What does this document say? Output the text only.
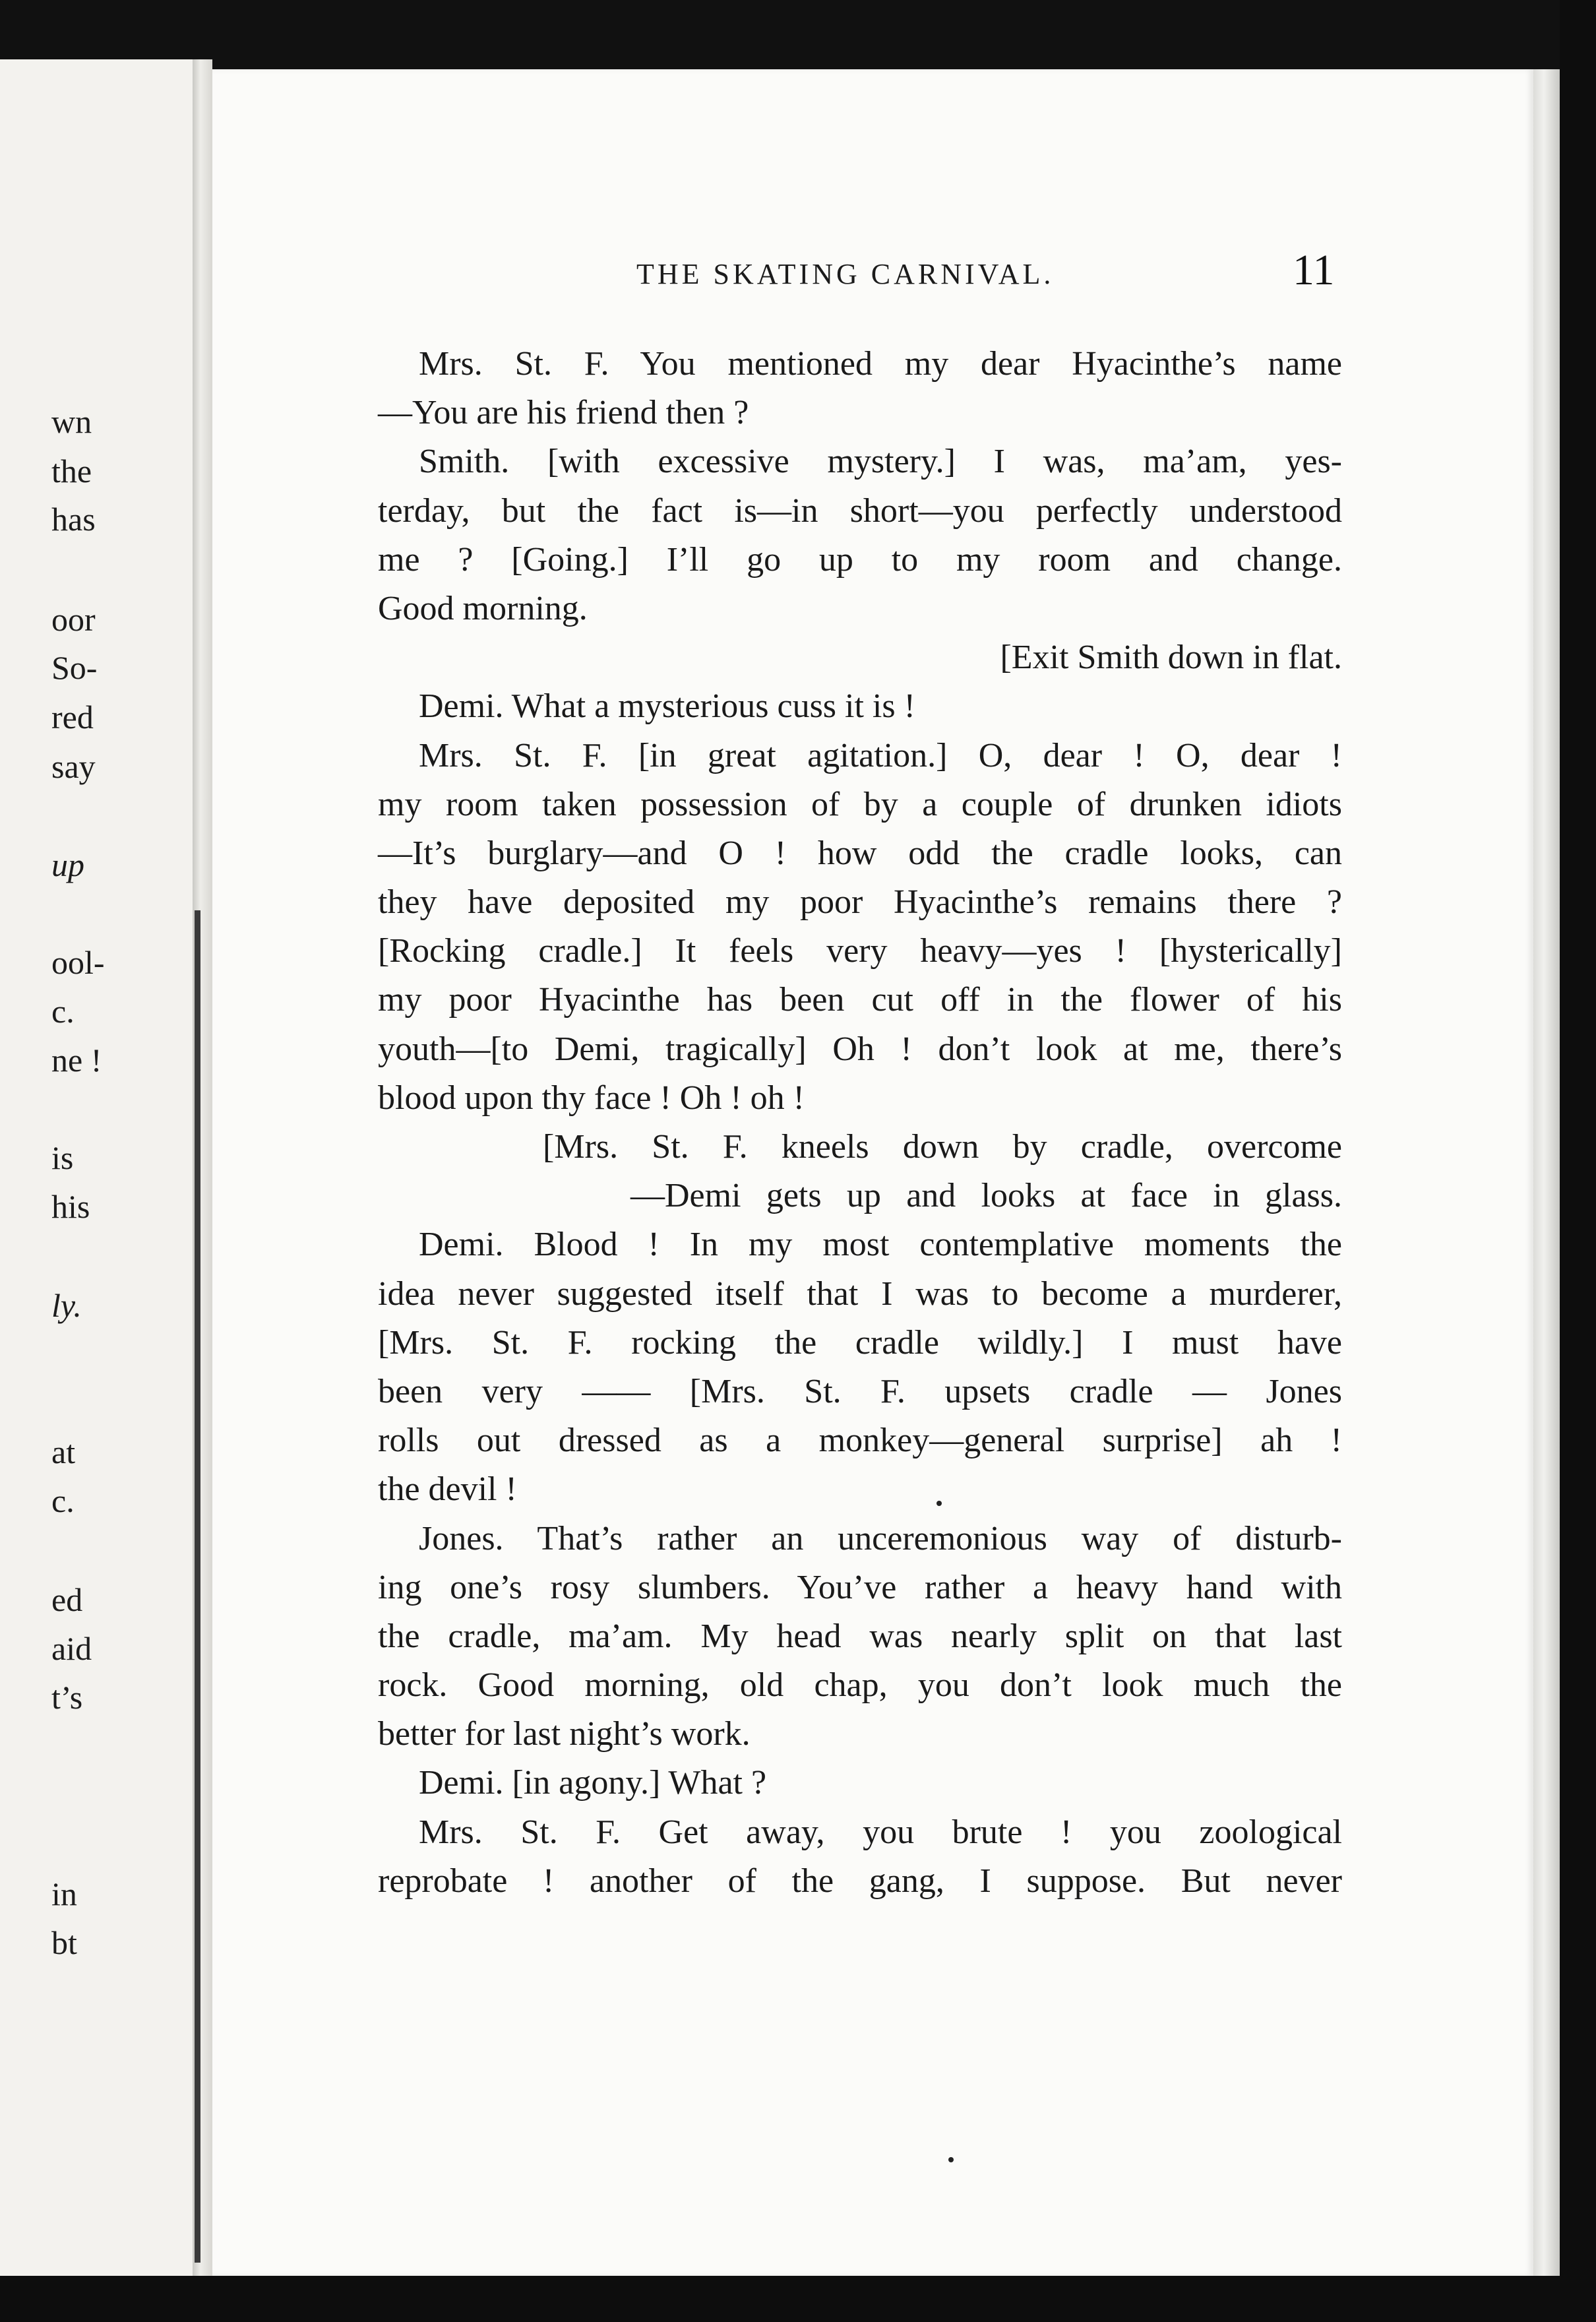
wn
the
has
oor
So-
red
say
up
ool-
c.
ne !
is
his
ly.
at
c.
ed
aid
t’s
in
bt
THE SKATING CARNIVAL.	11
Mrs. St. F. You mentioned my dear Hyacinthe’s name
—You are his friend then ?
Smith. [with excessive mystery.] I was, ma’am, yes-
terday, but the fact is—in short—you perfectly understood
me ? [Going.] I’ll go up to my room and change.
Good morning.
[Exit Smith down in flat.
Demi. What a mysterious cuss it is !
Mrs. St. F. [in great agitation.] O, dear ! O, dear !
my room taken possession of by a couple of drunken idiots
—It’s burglary—and O ! how odd the cradle looks, can
they have deposited my poor Hyacinthe’s remains there ?
[Rocking cradle.] It feels very heavy—yes ! [hysterically]
my poor Hyacinthe has been cut off in the flower of his
youth—[to Demi, tragically] Oh ! don’t look at me, there’s
blood upon thy face ! Oh ! oh !
[Mrs. St. F. kneels down by cradle, overcome
—Demi gets up and looks at face in glass.
Demi. Blood ! In my most contemplative moments the
idea never suggested itself that I was to become a murderer,
[Mrs. St. F. rocking the cradle wildly.] I must have
been very —— [Mrs. St. F. upsets cradle — Jones
rolls out dressed as a monkey—general surprise] ah !
the devil !
Jones. That’s rather an unceremonious way of disturb-
ing one’s rosy slumbers. You’ve rather a heavy hand with
the cradle, ma’am. My head was nearly split on that last
rock. Good morning, old chap, you don’t look much the
better for last night’s work.
Demi. [in agony.] What ?
Mrs. St. F. Get away, you brute ! you zoological
reprobate ! another of the gang, I suppose. But never
